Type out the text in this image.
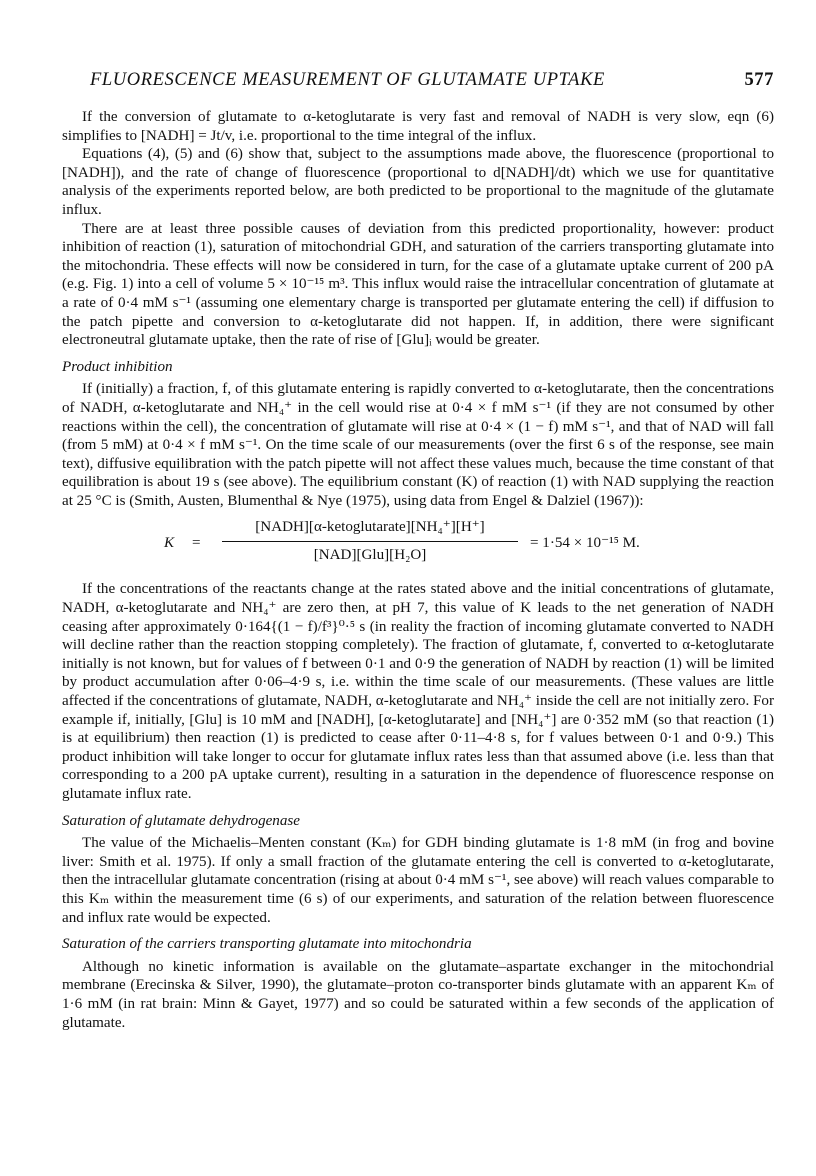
FLUORESCENCE MEASUREMENT OF GLUTAMATE UPTAKE	577

If the conversion of glutamate to α-ketoglutarate is very fast and removal of NADH is very slow, eqn (6) simplifies to [NADH] = Jt/v, i.e. proportional to the time integral of the influx.

Equations (4), (5) and (6) show that, subject to the assumptions made above, the fluorescence (proportional to [NADH]), and the rate of change of fluorescence (proportional to d[NADH]/dt) which we use for quantitative analysis of the experiments reported below, are both predicted to be proportional to the magnitude of the glutamate influx.

There are at least three possible causes of deviation from this predicted proportionality, however: product inhibition of reaction (1), saturation of mitochondrial GDH, and saturation of the carriers transporting glutamate into the mitochondria. These effects will now be considered in turn, for the case of a glutamate uptake current of 200 pA (e.g. Fig. 1) into a cell of volume 5 × 10⁻¹⁵ m³. This influx would raise the intracellular concentration of glutamate at a rate of 0·4 mM s⁻¹ (assuming one elementary charge is transported per glutamate entering the cell) if diffusion to the patch pipette and conversion to α-ketoglutarate did not happen. If, in addition, there were significant electroneutral glutamate uptake, then the rate of rise of [Glu]ᵢ would be greater.

Product inhibition

If (initially) a fraction, f, of this glutamate entering is rapidly converted to α-ketoglutarate, then the concentrations of NADH, α-ketoglutarate and NH₄⁺ in the cell would rise at 0·4 × f mM s⁻¹ (if they are not consumed by other reactions within the cell), the concentration of glutamate will rise at 0·4 × (1 − f) mM s⁻¹, and that of NAD will fall (from 5 mM) at 0·4 × f mM s⁻¹. On the time scale of our measurements (over the first 6 s of the response, see main text), diffusive equilibration with the patch pipette will not affect these values much, because the time constant of that equilibration is about 19 s (see above). The equilibrium constant (K) of reaction (1) with NAD supplying the reaction at 25 °C is (Smith, Austen, Blumenthal & Nye (1975), using data from Engel & Dalziel (1967)):

K =
[NADH][α-ketoglutarate][NH₄⁺][H⁺]
[NAD][Glu][H₂O]
= 1·54 × 10⁻¹⁵ M.

If the concentrations of the reactants change at the rates stated above and the initial concentrations of glutamate, NADH, α-ketoglutarate and NH₄⁺ are zero then, at pH 7, this value of K leads to the net generation of NADH ceasing after approximately 0·164{(1 − f)/f³}⁰·⁵ s (in reality the fraction of incoming glutamate converted to NADH will decline rather than the reaction stopping completely). The fraction of glutamate, f, converted to α-ketoglutarate initially is not known, but for values of f between 0·1 and 0·9 the generation of NADH by reaction (1) will be limited by product accumulation after 0·06–4·9 s, i.e. within the time scale of our measurements. (These values are little affected if the concentrations of glutamate, NADH, α-ketoglutarate and NH₄⁺ inside the cell are not initially zero. For example if, initially, [Glu] is 10 mM and [NADH], [α-ketoglutarate] and [NH₄⁺] are 0·352 mM (so that reaction (1) is at equilibrium) then reaction (1) is predicted to cease after 0·11–4·8 s, for f values between 0·1 and 0·9.) This product inhibition will take longer to occur for glutamate influx rates less than that assumed above (i.e. less than that corresponding to a 200 pA uptake current), resulting in a saturation in the dependence of fluorescence response on glutamate influx rate.

Saturation of glutamate dehydrogenase

The value of the Michaelis–Menten constant (Kₘ) for GDH binding glutamate is 1·8 mM (in frog and bovine liver: Smith et al. 1975). If only a small fraction of the glutamate entering the cell is converted to α-ketoglutarate, then the intracellular glutamate concentration (rising at about 0·4 mM s⁻¹, see above) will reach values comparable to this Kₘ within the measurement time (6 s) of our experiments, and saturation of the relation between fluorescence and influx rate would be expected.

Saturation of the carriers transporting glutamate into mitochondria

Although no kinetic information is available on the glutamate–aspartate exchanger in the mitochondrial membrane (Erecinska & Silver, 1990), the glutamate–proton co-transporter binds glutamate with an apparent Kₘ of 1·6 mM (in rat brain: Minn & Gayet, 1977) and so could be saturated within a few seconds of the application of glutamate.
